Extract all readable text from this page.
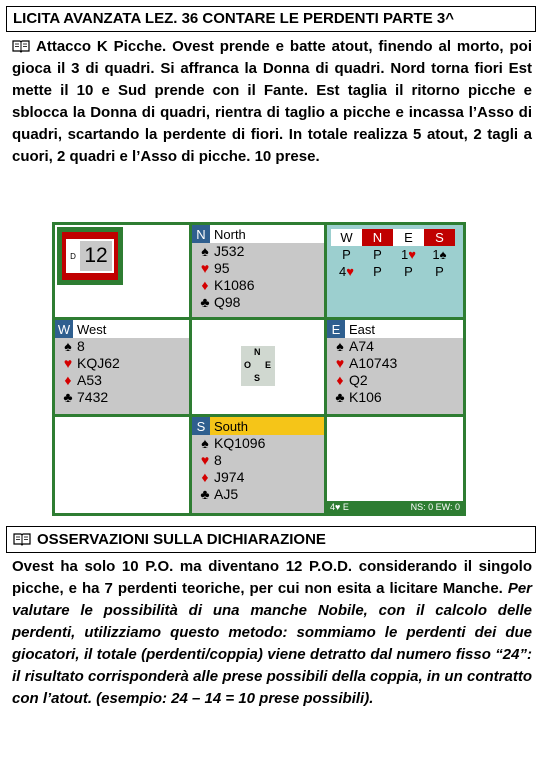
LICITA AVANZATA LEZ. 36 CONTARE LE PERDENTI PARTE 3^
Attacco K Picche. Ovest prende e batte atout, finendo al morto, poi gioca il 3 di quadri. Si affranca la Donna di quadri. Nord torna fiori Est mette il 10 e Sud prende con il Fante. Est taglia il ritorno picche e sblocca la Donna di quadri, rientra di taglio a picche e incassa l’Asso di quadri, scartando la perdente di fiori. In totale realizza 5 atout, 2 tagli a cuori, 2 quadri e l’Asso di picche. 10 prese.
D 12
N North
♠ J532
♥ 95
♦ K1086
♣ Q98
W	N	E	S
P	P	1♥	1♠
4♥	P	P	P
W West
♠ 8
♥ KQJ62
♦ A53
♣ 7432
N
O E
S
E East
♠ A74
♥ A10743
♦ Q2
♣ K106
S South
♠ KQ1096
♥ 8
♦ J974
♣ AJ5
4♥ E	NS: 0 EW: 0
OSSERVAZIONI SULLA DICHIARAZIONE
Ovest ha solo 10 P.O. ma diventano 12 P.O.D. considerando il singolo picche, e ha 7 perdenti teoriche, per cui non esita a licitare Manche. Per valutare le possibilità di una manche Nobile, con il calcolo delle perdenti, utilizziamo questo metodo: sommiamo le perdenti dei due giocatori, il totale (perdenti/coppia) viene detratto dal numero fisso “24”: il risultato corrisponderà alle prese possibili della coppia, in un contratto con l’atout. (esempio: 24 – 14 = 10 prese possibili).
